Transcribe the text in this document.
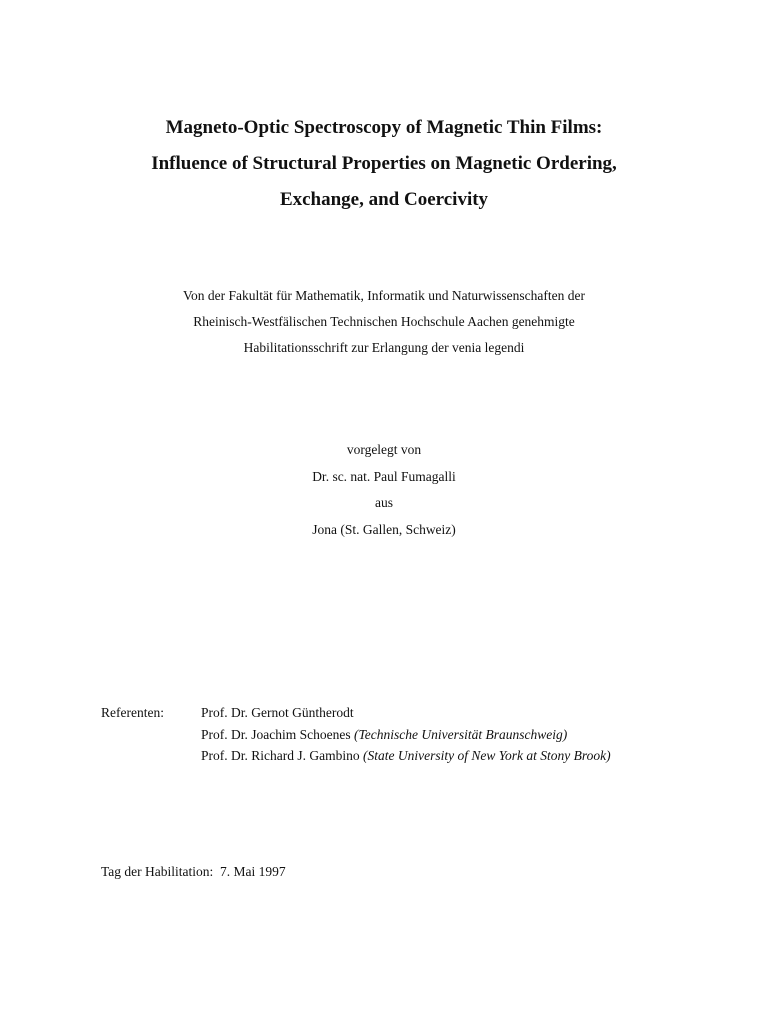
Magneto-Optic Spectroscopy of Magnetic Thin Films:
Influence of Structural Properties on Magnetic Ordering,
Exchange, and Coercivity
Von der Fakultät für Mathematik, Informatik und Naturwissenschaften der
Rheinisch-Westfälischen Technischen Hochschule Aachen genehmigte
Habilitationsschrift zur Erlangung der venia legendi
vorgelegt von
Dr. sc. nat. Paul Fumagalli
aus
Jona (St. Gallen, Schweiz)
Referenten:	Prof. Dr. Gernot Güntherodt
Prof. Dr. Joachim Schoenes
(Technische Universität Braunschweig)
Prof. Dr. Richard J. Gambino
(State University of New York at Stony Brook)
Tag der Habilitation: 7. Mai 1997
